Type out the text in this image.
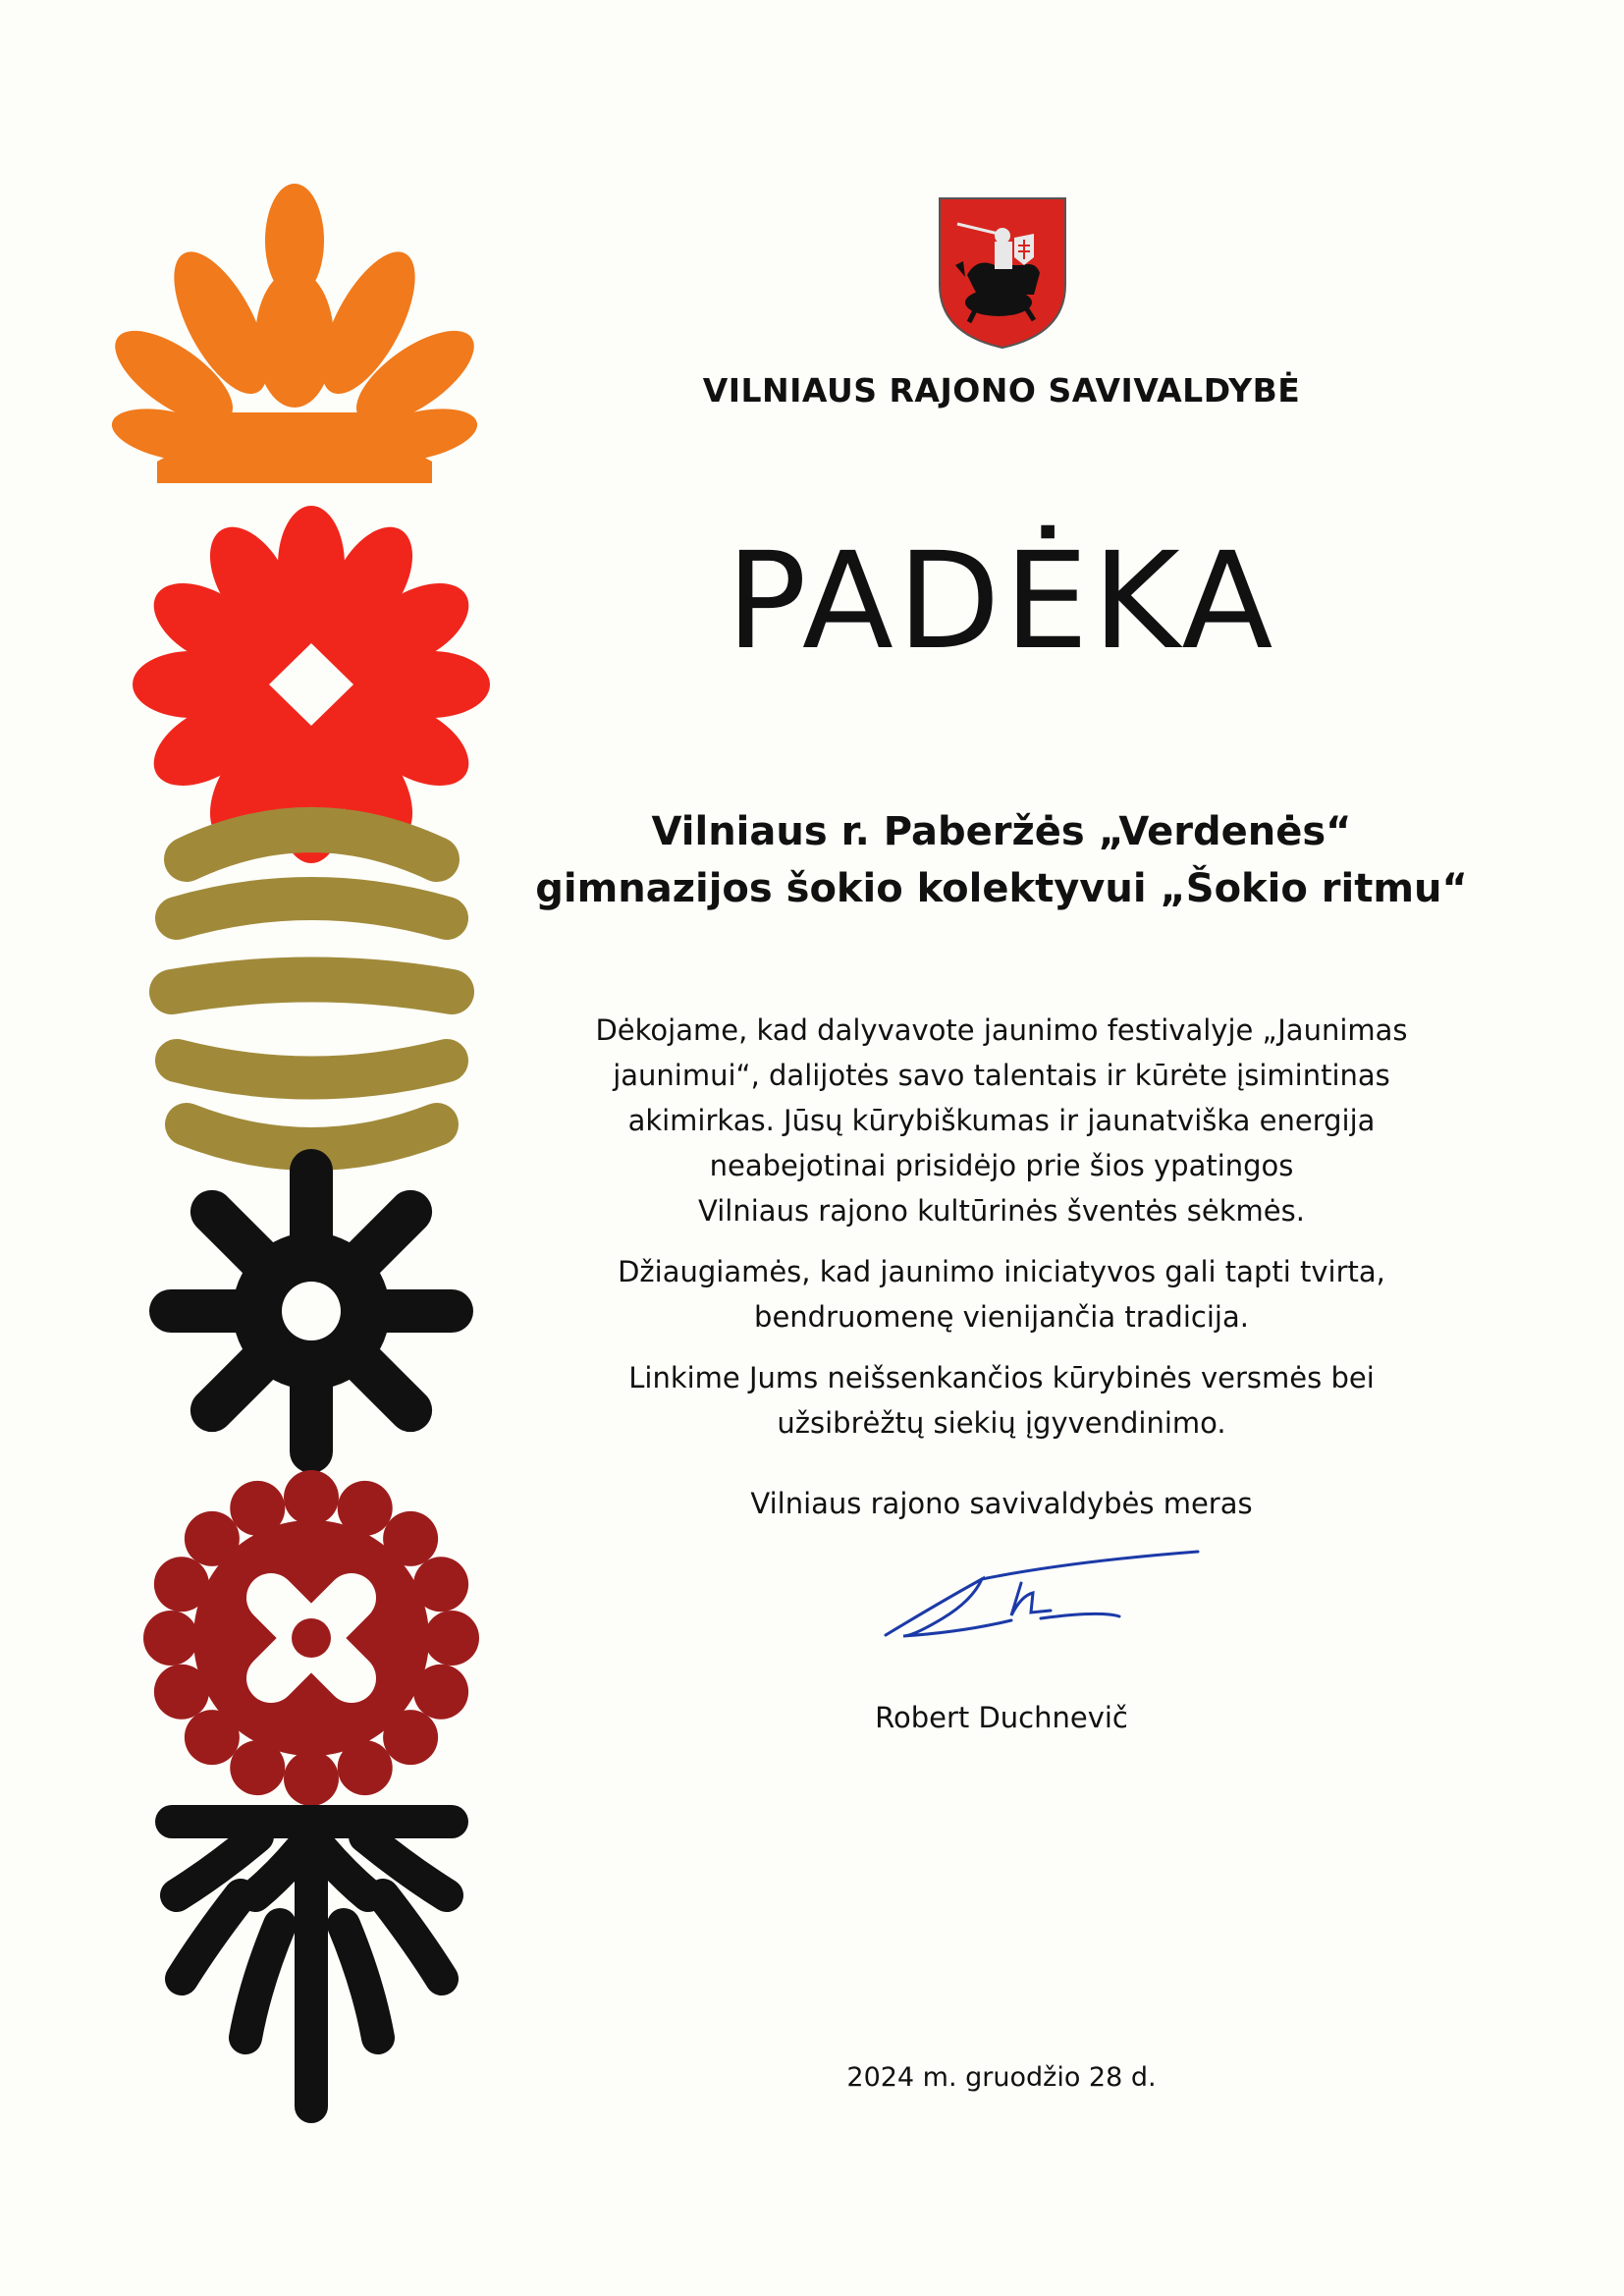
VILNIAUS RAJONO SAVIVALDYBĖ
PADĖKA
Vilniaus r. Paberžės „Verdenės“
gimnazijos šokio kolektyvui „Šokio ritmu“

Dėkojame, kad dalyvavote jaunimo festivalyje „Jaunimas
jaunimui“, dalijotės savo talentais ir kūrėte įsimintinas
akimirkas. Jūsų kūrybiškumas ir jaunatviška energija
neabejotinai prisidėjo prie šios ypatingos
Vilniaus rajono kultūrinės šventės sėkmės.

Džiaugiamės, kad jaunimo iniciatyvos gali tapti tvirta,
bendruomenę vienijančia tradicija.

Linkime Jums neišsenkančios kūrybinės versmės bei
užsibrėžtų siekių įgyvendinimo.

Vilniaus rajono savivaldybės meras
Robert Duchnevič
2024 m. gruodžio 28 d.
